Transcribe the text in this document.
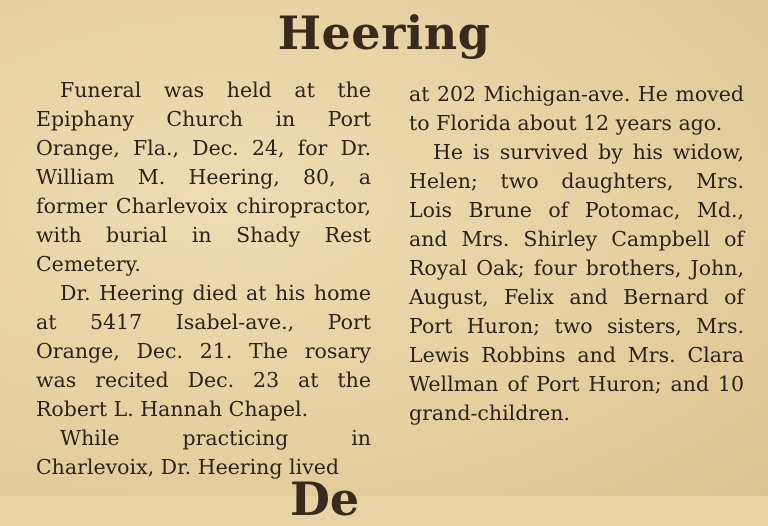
Heering

Funeral was held at the Epiphany Church in Port Orange, Fla., Dec. 24, for Dr. William M. Heering, 80, a former Charlevoix chiropractor, with burial in Shady Rest Cemetery.

Dr. Heering died at his home at 5417 Isabel-ave., Port Orange, Dec. 21. The rosary was recited Dec. 23 at the Robert L. Hannah Chapel.

While practicing in Charlevoix, Dr. Heering lived

at 202 Michigan-ave. He moved to Florida about 12 years ago.

He is survived by his widow, Helen; two daughters, Mrs. Lois Brune of Potomac, Md., and Mrs. Shirley Campbell of Royal Oak; four brothers, John, August, Felix and Bernard of Port Huron; two sisters, Mrs. Lewis Robbins and Mrs. Clara Wellman of Port Huron; and 10 grand-children.

De
